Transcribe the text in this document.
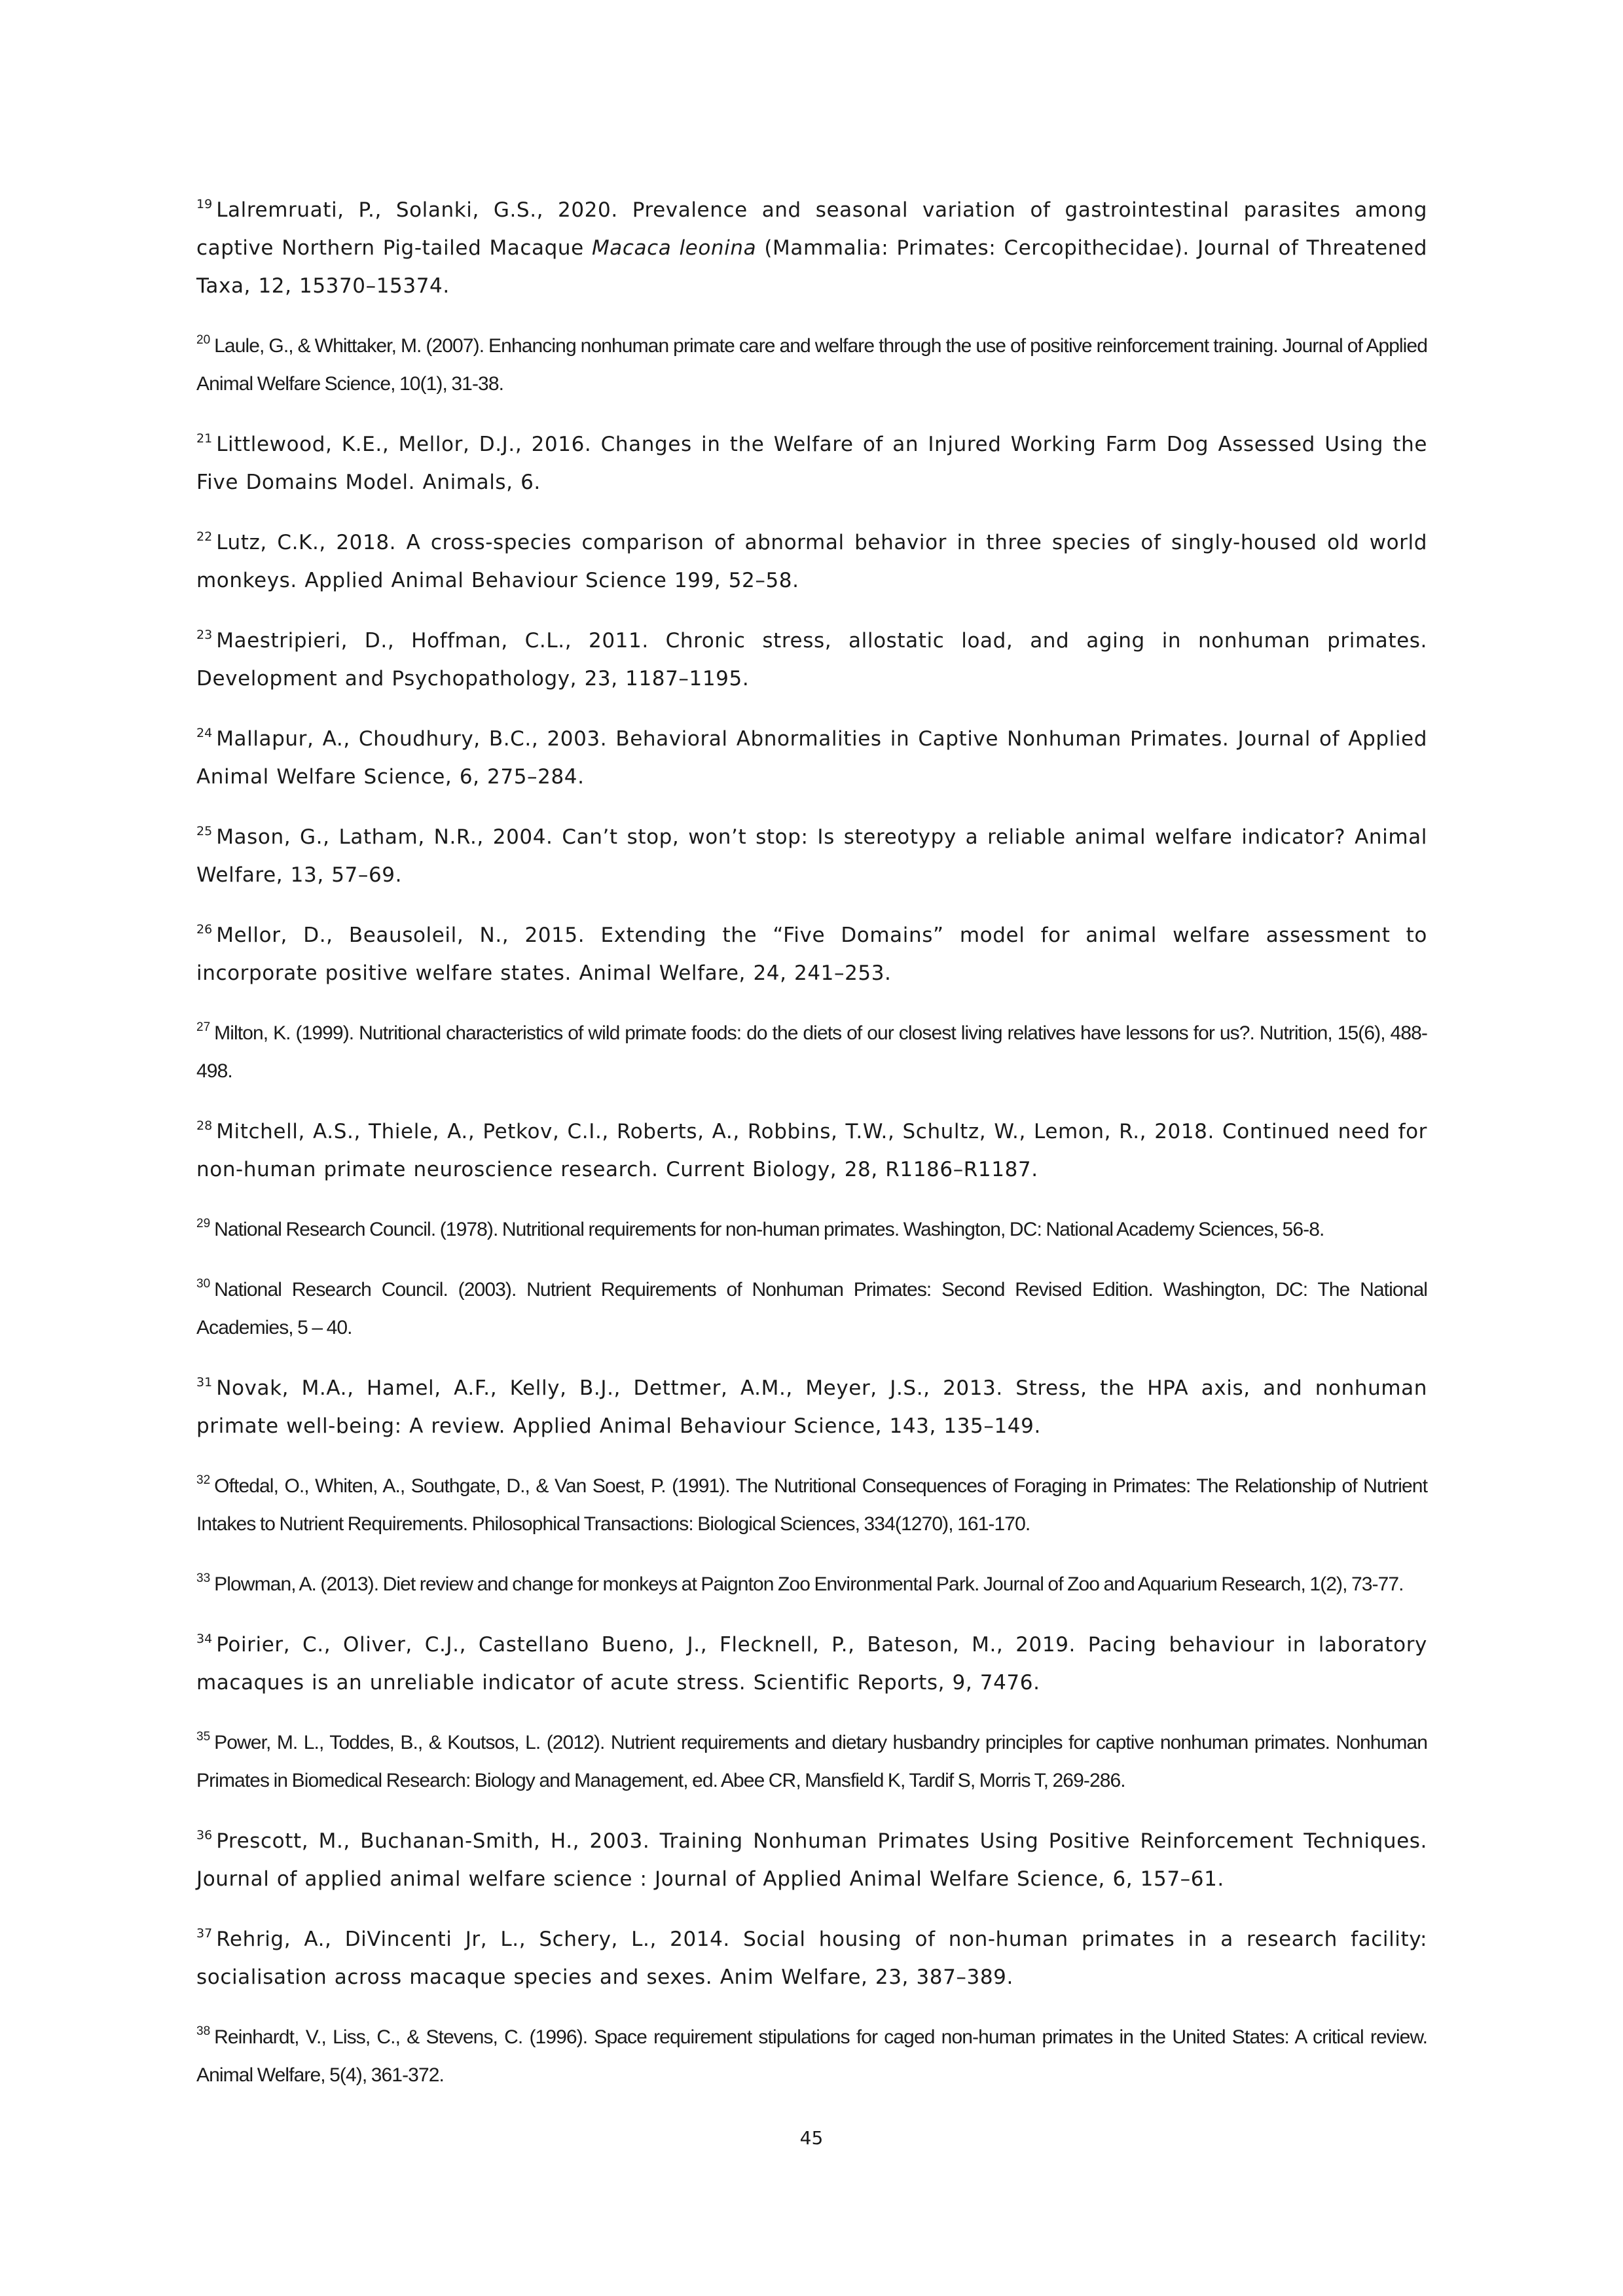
$^{19}$ Lalremruati, P., Solanki, G.S., 2020. Prevalence and seasonal variation of gastrointestinal parasites among captive Northern Pig-tailed Macaque Macaca leonina (Mammalia: Primates: Cercopithecidae). Journal of Threatened Taxa, 12, 15370–15374.

$^{20}$ Laule, G., & Whittaker, M. (2007). Enhancing nonhuman primate care and welfare through the use of positive reinforcement training. Journal of Applied Animal Welfare Science, 10(1), 31-38.

$^{21}$ Littlewood, K.E., Mellor, D.J., 2016. Changes in the Welfare of an Injured Working Farm Dog Assessed Using the Five Domains Model. Animals, 6.

$^{22}$ Lutz, C.K., 2018. A cross-species comparison of abnormal behavior in three species of singly-housed old world monkeys. Applied Animal Behaviour Science 199, 52–58.

$^{23}$ Maestripieri, D., Hoffman, C.L., 2011. Chronic stress, allostatic load, and aging in nonhuman primates. Development and Psychopathology, 23, 1187–1195.

$^{24}$ Mallapur, A., Choudhury, B.C., 2003. Behavioral Abnormalities in Captive Nonhuman Primates. Journal of Applied Animal Welfare Science, 6, 275–284.

$^{25}$ Mason, G., Latham, N.R., 2004. Can’t stop, won’t stop: Is stereotypy a reliable animal welfare indicator? Animal Welfare, 13, 57–69.

$^{26}$ Mellor, D., Beausoleil, N., 2015. Extending the “Five Domains” model for animal welfare assessment to incorporate positive welfare states. Animal Welfare, 24, 241–253.

$^{27}$ Milton, K. (1999). Nutritional characteristics of wild primate foods: do the diets of our closest living relatives have lessons for us?. Nutrition, 15(6), 488-498.

$^{28}$ Mitchell, A.S., Thiele, A., Petkov, C.I., Roberts, A., Robbins, T.W., Schultz, W., Lemon, R., 2018. Continued need for non-human primate neuroscience research. Current Biology, 28, R1186–R1187.

$^{29}$ National Research Council. (1978). Nutritional requirements for non-human primates. Washington, DC: National Academy Sciences, 56-8.

$^{30}$ National Research Council. (2003). Nutrient Requirements of Nonhuman Primates: Second Revised Edition. Washington, DC: The National Academies, 5 – 40.

$^{31}$ Novak, M.A., Hamel, A.F., Kelly, B.J., Dettmer, A.M., Meyer, J.S., 2013. Stress, the HPA axis, and nonhuman primate well-being: A review. Applied Animal Behaviour Science, 143, 135–149.

$^{32}$ Oftedal, O., Whiten, A., Southgate, D., & Van Soest, P. (1991). The Nutritional Consequences of Foraging in Primates: The Relationship of Nutrient Intakes to Nutrient Requirements. Philosophical Transactions: Biological Sciences, 334(1270), 161-170.

$^{33}$ Plowman, A. (2013). Diet review and change for monkeys at Paignton Zoo Environmental Park. Journal of Zoo and Aquarium Research, 1(2), 73-77.

$^{34}$ Poirier, C., Oliver, C.J., Castellano Bueno, J., Flecknell, P., Bateson, M., 2019. Pacing behaviour in laboratory macaques is an unreliable indicator of acute stress. Scientific Reports, 9, 7476.

$^{35}$ Power, M. L., Toddes, B., & Koutsos, L. (2012). Nutrient requirements and dietary husbandry principles for captive nonhuman primates. Nonhuman Primates in Biomedical Research: Biology and Management, ed. Abee CR, Mansfield K, Tardif S, Morris T, 269-286.

$^{36}$ Prescott, M., Buchanan-Smith, H., 2003. Training Nonhuman Primates Using Positive Reinforcement Techniques. Journal of applied animal welfare science : Journal of Applied Animal Welfare Science, 6, 157–61.

$^{37}$ Rehrig, A., DiVincenti Jr, L., Schery, L., 2014. Social housing of non-human primates in a research facility: socialisation across macaque species and sexes. Anim Welfare, 23, 387–389.

$^{38}$ Reinhardt, V., Liss, C., & Stevens, C. (1996). Space requirement stipulations for caged non-human primates in the United States: A critical review. Animal Welfare, 5(4), 361-372.

45
